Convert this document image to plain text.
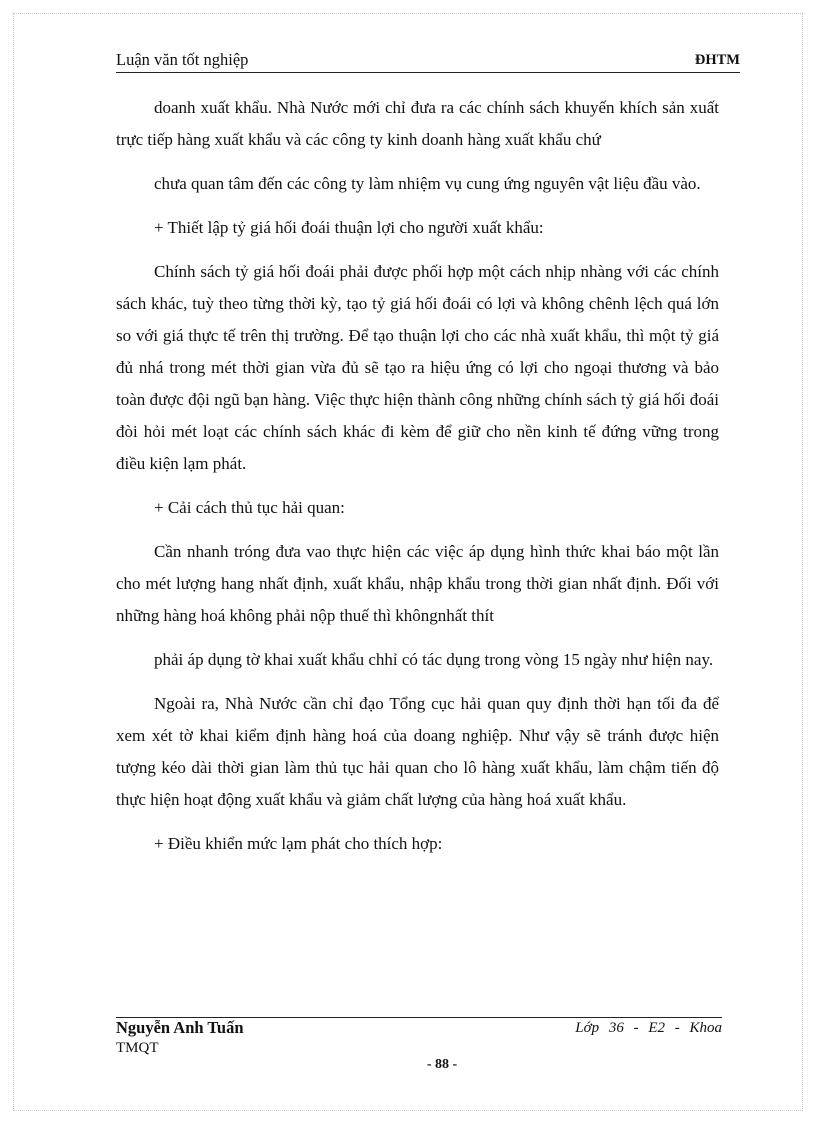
Luận văn tốt nghiệp	ĐHTM

doanh xuất khẩu. Nhà Nước mới chỉ đưa ra các chính sách khuyến khích sản xuất trực tiếp hàng xuất khẩu và các công ty kinh doanh hàng xuất khẩu chứ

chưa quan tâm đến các công ty làm nhiệm vụ cung ứng nguyên vật liệu đầu vào.

+ Thiết lập tỷ giá hối đoái thuận lợi cho người xuất khẩu:

Chính sách tỷ giá hối đoái phải được phối hợp một cách nhịp nhàng với các chính sách khác, tuỳ theo từng thời kỳ, tạo tỷ giá hối đoái có lợi và không chênh lệch quá lớn so với giá thực tế trên thị trường. Để tạo thuận lợi cho các nhà xuất khẩu, thì một tỷ giá đủ nhá trong mét thời gian vừa đủ sẽ tạo ra hiệu ứng có lợi cho ngoại thương và bảo toàn được đội ngũ bạn hàng. Việc thực hiện thành công những chính sách tỷ giá hối đoái đòi hỏi mét loạt các chính sách khác đi kèm để giữ cho nền kinh tế đứng vững trong điều kiện lạm phát.

+ Cải cách thủ tục hải quan:

Cần nhanh tróng đưa vao thực hiện các việc áp dụng hình thức khai báo một lần cho mét lượng hang nhất định, xuất khẩu, nhập khẩu trong thời gian nhất định. Đối với những hàng hoá không phải nộp thuế thì khôngnhất thít

phải áp dụng tờ khai xuất khẩu chhỉ có tác dụng trong vòng 15 ngày như hiện nay.

Ngoài ra, Nhà Nước cần chỉ đạo Tổng cục hải quan quy định thời hạn tối đa để xem xét tờ khai kiểm định hàng hoá của doang nghiệp. Như vậy sẽ tránh được hiện tượng kéo dài thời gian làm thủ tục hải quan cho lô hàng xuất khẩu, làm chậm tiến độ thực hiện hoạt động xuất khẩu và giảm chất lượng của hàng hoá xuất khẩu.

+ Điều khiển mức lạm phát cho thích hợp:

Nguyễn Anh Tuấn	Lớp 36 - E2 - Khoa
TMQT
- 88 -
